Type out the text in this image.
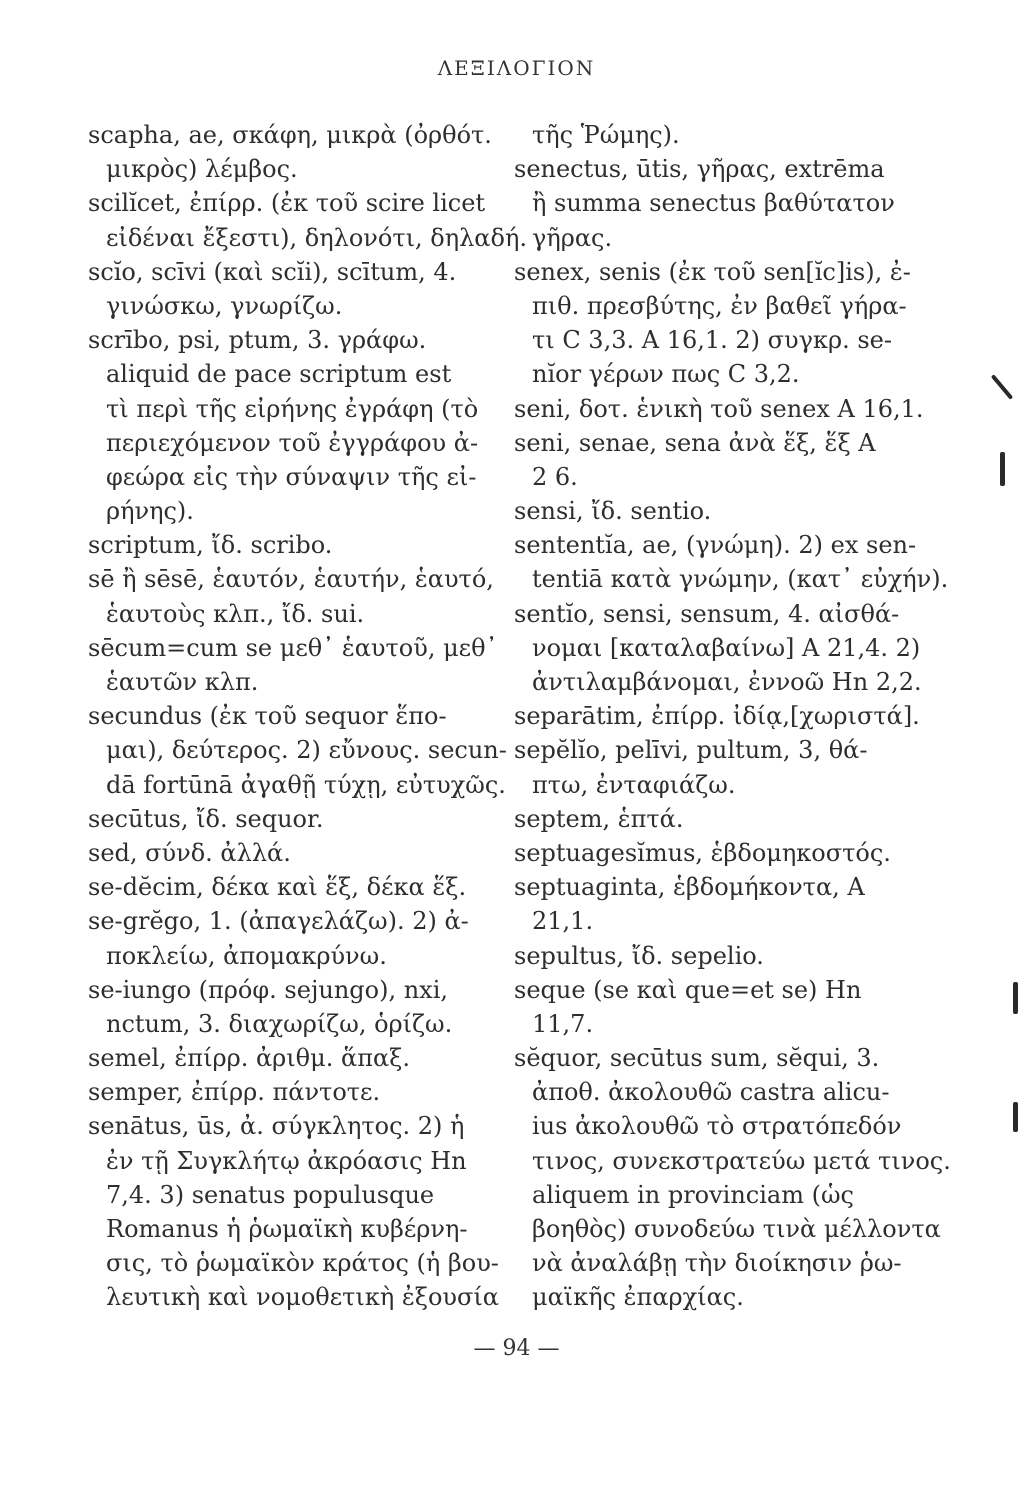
ΛΕΞΙΛΟΓΙΟΝ
scapha, ae, σκάφη, μικρὰ (ὀρθότ.
μικρὸς) λέμβος.
scilĭcet, ἐπίρρ. (ἐκ τοῦ scire licet
εἰδέναι ἔξεστι), δηλονότι, δηλαδή.
scĭo, scīvi (καὶ scĭi), scītum, 4.
γινώσκω, γνωρίζω.
scrībo, psi, ptum, 3. γράφω.
aliquid de pace scriptum est
τὶ περὶ τῆς εἰρήνης ἐγράφη (τὸ
περιεχόμενον τοῦ ἐγγράφου ἀ-
φεώρα εἰς τὴν σύναψιν τῆς εἰ-
ρήνης).
scriptum, ἴδ. scribo.
sē ἢ sēsē, ἑαυτόν, ἑαυτήν, ἑαυτό,
ἑαυτοὺς κλπ., ἴδ. sui.
sēcum=cum se μεθ᾽ ἑαυτοῦ, μεθ᾽
ἑαυτῶν κλπ.
secundus (ἐκ τοῦ sequor ἕπο-
μαι), δεύτερος. 2) εὔνους. secun-
dā fortūnā ἀγαθῇ τύχῃ, εὐτυχῶς.
secūtus, ἴδ. sequor.
sed, σύνδ. ἀλλά.
se-dĕcim, δέκα καὶ ἕξ, δέκα ἕξ.
se-grĕgo, 1. (ἀπαγελάζω). 2) ἀ-
ποκλείω, ἀπομακρύνω.
se-iungo (πρόφ. sejungo), nxi,
nctum, 3. διαχωρίζω, ὁρίζω.
semel, ἐπίρρ. ἀριθμ. ἅπαξ.
semper, ἐπίρρ. πάντοτε.
senātus, ūs, ἀ. σύγκλητος. 2) ἡ
ἐν τῇ Συγκλήτῳ ἀκρόασις Hn
7,4. 3) senatus populusque
Romanus ἡ ῥωμαϊκὴ κυβέρνη-
σις, τὸ ῥωμαϊκὸν κράτος (ἡ βου-
λευτικὴ καὶ νομοθετικὴ ἐξουσία
τῆς Ῥώμης).
senectus, ūtis, γῆρας, extrēma
ἢ summa senectus βαθύτατον
γῆρας.
senex, senis (ἐκ τοῦ sen[ĭc]is), ἐ-
πιθ. πρεσβύτης, ἐν βαθεῖ γήρα-
τι C 3,3. A 16,1. 2) συγκρ. se-
nĭor γέρων πως C 3,2.
seni, δοτ. ἑνικὴ τοῦ senex A 16,1.
seni, senae, sena ἀνὰ ἕξ, ἕξ A
2 6.
sensi, ἴδ. sentio.
sententĭa, ae, (γνώμη). 2) ex sen-
tentiā κατὰ γνώμην, (κατ᾽ εὐχήν).
sentĭo, sensi, sensum, 4. αἰσθά-
νομαι [καταλαβαίνω] A 21,4. 2)
ἀντιλαμβάνομαι, ἐννοῶ Hn 2,2.
separātim, ἐπίρρ. ἰδίᾳ,[χωριστά].
sepĕlĭo, pelīvi, pultum, 3, θά-
πτω, ἐνταφιάζω.
septem, ἑπτά.
septuagesĭmus, ἑβδομηκοστός.
septuaginta, ἑβδομήκοντα, A
21,1.
sepultus, ἴδ. sepelio.
seque (se καὶ que=et se) Hn
11,7.
sĕquor, secūtus sum, sĕqui, 3.
ἀποθ. ἀκολουθῶ castra alicu-
ius ἀκολουθῶ τὸ στρατόπεδόν
τινος, συνεκστρατεύω μετά τινος.
aliquem in provinciam (ὡς
βοηθὸς) συνοδεύω τινὰ μέλλοντα
νὰ ἀναλάβῃ τὴν διοίκησιν ῥω-
μαϊκῆς ἐπαρχίας.
— 94 —
